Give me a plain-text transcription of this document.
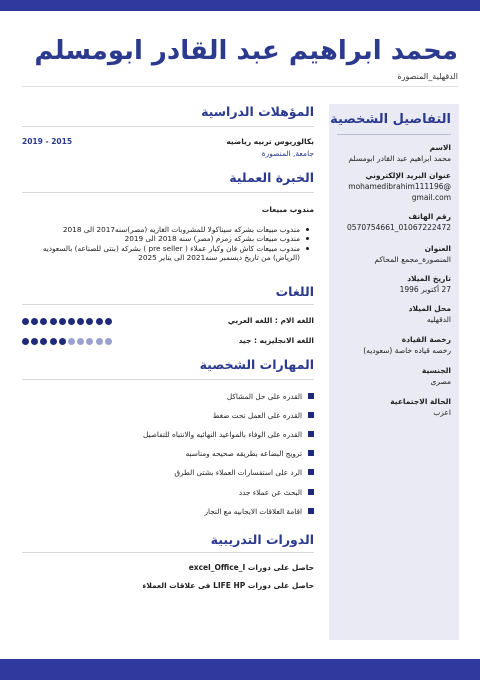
محمد ابراهيم عبد القادر ابومسلم
الدقهلية_المنصورة
التفاصيل الشخصية
الاسم
محمد ابراهيم عبد القادر ابومسلم
عنوان البريد الإلكتروني
mohamedibrahim111196@ gmail.com
رقم الهاتف
0570754661_01067222472
العنوان
المنصورة_مجمع المحاكم
تاريخ الميلاد
27 أكتوبر 1996
محل الميلاد
الدقهليه
رخصة القيادة
رخصه قياده خاصة (سعوديه)
الجنسية
مصرى
الحالة الاجتماعية
اعزب
المؤهلات الدراسية
بكالوريوس تربيه رياضيه
جامعة, المنصورة
2019 - 2015
الخبرة العملية
مندوب مبيعات
مندوب مبيعات بشركه سيناكولا للمشروبات الغازيه (مصر)سنه2017 الى 2018
مندوب مبيعات بشركه زمزم (مصر) سنه 2018 الى 2019
مندوب مبيعات كاش فان وكبار عملاء ( pre seller ) بشركه (بنتى للصناعه) بالسعوديه (الرياض) من تاريخ ديسمبر سنه2021 الى يناير 2025
اللغات
اللغه الام : اللغه العربي
اللغه الانجليزيه : جيد
المهارات الشخصية
القدره على حل المشاكل
القدره على العمل تحت ضغط
القدره على الوفاء بالمواعيد النهائيه والانتباه للتفاصيل
ترويج البضاعه بطريقه صحيحه ومناسبه
الرد على استفسارات العملاء بشتى الطرق
البحث عن عملاء جدد
اقامة العلاقات الايجابيه مع التجار
الدورات التدريبية
حاصل على دورات excel_Office_I
حاصل على دورات LIFE HP فى علاقات العملاء
